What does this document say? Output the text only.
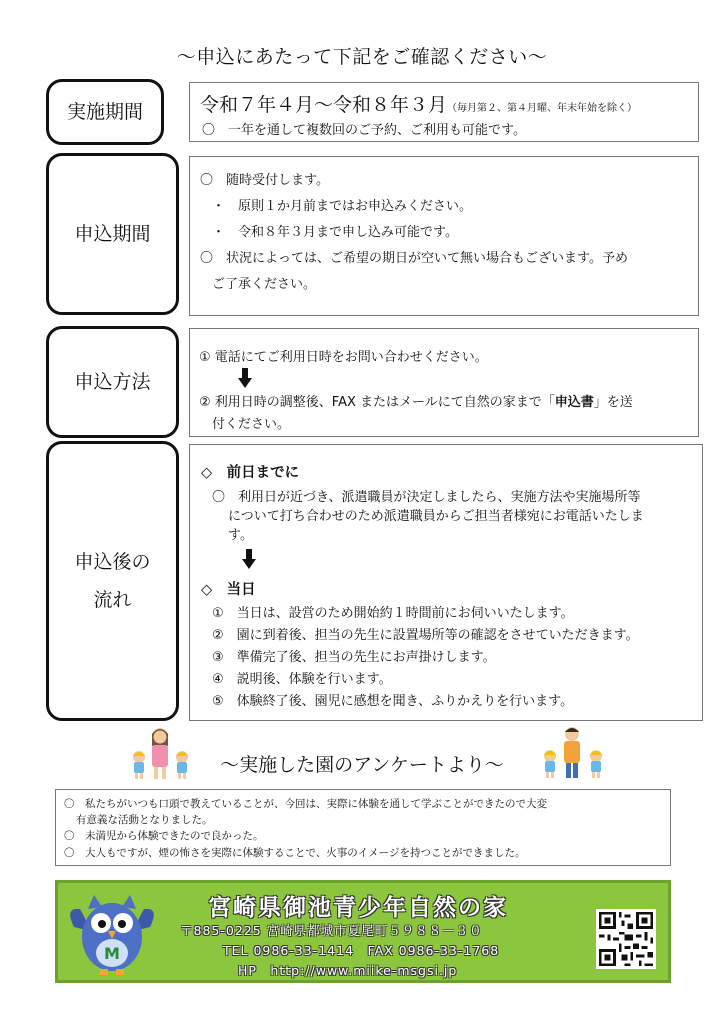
～申込にあたって下記をご確認ください～
実施期間	令和７年４月～令和８年３月（毎月第２、第４月曜、年末年始を除く）
〇　一年を通して複数回のご予約、ご利用も可能です。
申込期間
〇　随時受付します。
・　原則１か月前まではお申込みください。
・　令和８年３月まで申し込み可能です。
〇　状況によっては、ご希望の期日が空いて無い場合もございます。予め
ご了承ください。
申込方法
① 電話にてご利用日時をお問い合わせください。
② 利用日時の調整後、FAX またはメールにて自然の家まで「申込書」を送
付ください。
申込後の
流れ
◇　前日までに
〇　利用日が近づき、派遣職員が決定しましたら、実施方法や実施場所等
について打ち合わせのため派遣職員からご担当者様宛にお電話いたしま
す。
◇　当日
①　当日は、設営のため開始約１時間前にお伺いいたします。
②　園に到着後、担当の先生に設置場所等の確認をさせていただきます。
③　準備完了後、担当の先生にお声掛けします。
④　説明後、体験を行います。
⑤　体験終了後、園児に感想を聞き、ふりかえりを行います。
～実施した園のアンケートより～
〇　私たちがいつも口頭で教えていることが、今回は、実際に体験を通して学ぶことができたので大変
有意義な活動となりました。
〇　未満児から体験できたので良かった。
〇　大人もですが、煙の怖さを実際に体験することで、火事のイメージを持つことができました。
M
宮崎県御池青少年自然の家
〒885-0225 宮崎県都城市夏尾町５９８８－３０
TEL 0986-33-1414　FAX 0986-33-1768
HP　http://www.miike-msgsi.jp
